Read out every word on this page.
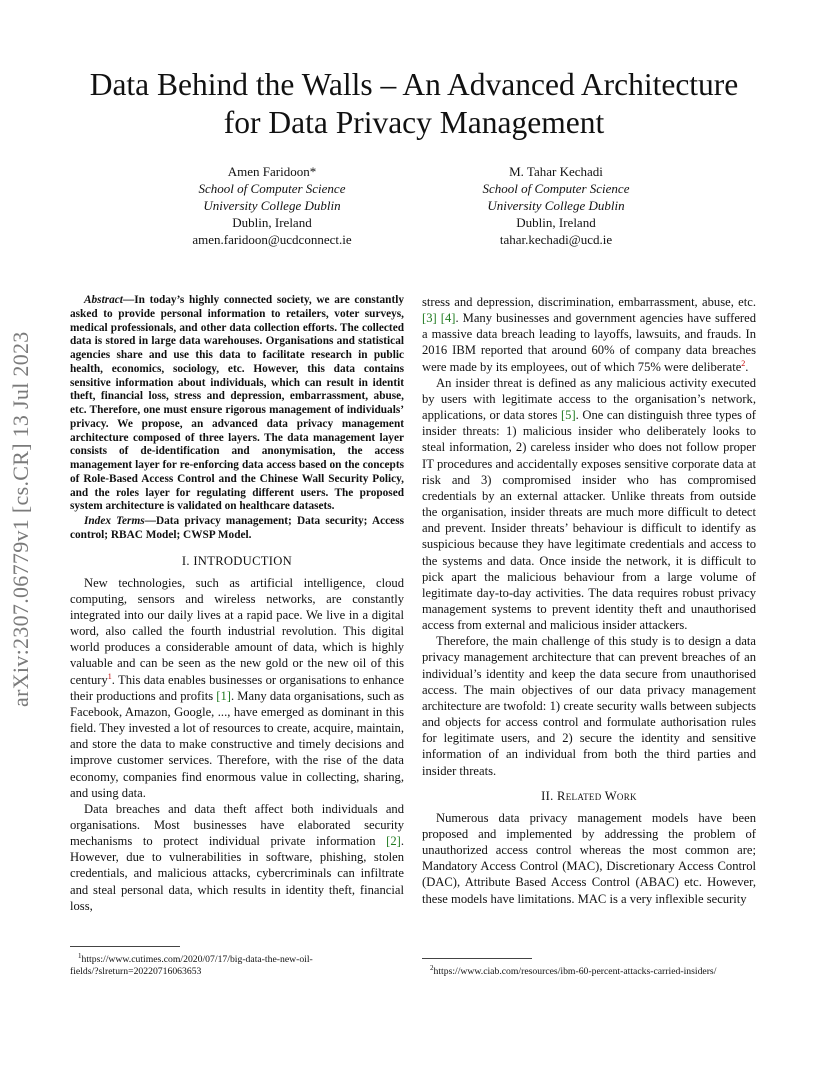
arXiv:2307.06779v1 [cs.CR] 13 Jul 2023
Data Behind the Walls – An Advanced Architecture
for Data Privacy Management
Amen Faridoon*
School of Computer Science
University College Dublin
Dublin, Ireland
amen.faridoon@ucdconnect.ie
M. Tahar Kechadi
School of Computer Science
University College Dublin
Dublin, Ireland
tahar.kechadi@ucd.ie

Abstract—In today’s highly connected society, we are constantly asked to provide personal information to retailers, voter surveys, medical professionals, and other data collection efforts. The collected data is stored in large data warehouses. Organisations and statistical agencies share and use this data to facilitate research in public health, economics, sociology, etc. However, this data contains sensitive information about individuals, which can result in identit theft, financial loss, stress and depression, embarrassment, abuse, etc. Therefore, one must ensure rigorous management of individuals’ privacy. We propose, an advanced data privacy management architecture composed of three layers. The data management layer consists of de-identification and anonymisation, the access management layer for re-enforcing data access based on the concepts of Role-Based Access Control and the Chinese Wall Security Policy, and the roles layer for regulating different users. The proposed system architecture is validated on healthcare datasets.

Index Terms—Data privacy management; Data security; Access control; RBAC Model; CWSP Model.

I. INTRODUCTION

New technologies, such as artificial intelligence, cloud computing, sensors and wireless networks, are constantly integrated into our daily lives at a rapid pace. We live in a digital word, also called the fourth industrial revolution. This digital world produces a considerable amount of data, which is highly valuable and can be seen as the new gold or the new oil of this century$^1$. This data enables businesses or organisations to enhance their productions and profits [1]. Many data organisations, such as Facebook, Amazon, Google, ..., have emerged as dominant in this field. They invested a lot of resources to create, acquire, maintain, and store the data to make constructive and timely decisions and improve customer services. Therefore, with the rise of the data economy, companies find enormous value in collecting, sharing, and using data.

Data breaches and data theft affect both individuals and organisations. Most businesses have elaborated security mechanisms to protect individual private information [2]. However, due to vulnerabilities in software, phishing, stolen credentials, and malicious attacks, cybercriminals can infiltrate and steal personal data, which results in identity theft, financial loss,

stress and depression, discrimination, embarrassment, abuse, etc. [3] [4]. Many businesses and government agencies have suffered a massive data breach leading to layoffs, lawsuits, and frauds. In 2016 IBM reported that around 60% of company data breaches were made by its employees, out of which 75% were deliberate$^2$.

An insider threat is defined as any malicious activity executed by users with legitimate access to the organisation’s network, applications, or data stores [5]. One can distinguish three types of insider threats: 1) malicious insider who deliberately looks to steal information, 2) careless insider who does not follow proper IT procedures and accidentally exposes sensitive corporate data at risk and 3) compromised insider who has compromised credentials by an external attacker. Unlike threats from outside the organisation, insider threats are much more difficult to detect and prevent. Insider threats’ behaviour is difficult to identify as suspicious because they have legitimate credentials and access to the systems and data. Once inside the network, it is difficult to pick apart the malicious behaviour from a large volume of legitimate day-to-day activities. The data requires robust privacy management systems to prevent identity theft and unauthorised access from external and malicious insider attackers.

Therefore, the main challenge of this study is to design a data privacy management architecture that can prevent breaches of an individual’s identity and keep the data secure from unauthorised access. The main objectives of our data privacy management architecture are twofold: 1) create security walls between subjects and objects for access control and formulate authorisation rules for legitimate users, and 2) secure the identity and sensitive information of an individual from both the third parties and insider threats.

II. Related Work

Numerous data privacy management models have been proposed and implemented by addressing the problem of unauthorized access control whereas the most common are; Mandatory Access Control (MAC), Discretionary Access Control (DAC), Attribute Based Access Control (ABAC) etc. However, these models have limitations. MAC is a very inflexible security

$^1$https://www.cutimes.com/2020/07/17/big-data-the-new-oil-
fields/?slreturn=20220716063653	$^2$https://www.ciab.com/resources/ibm-60-percent-attacks-carried-insiders/
